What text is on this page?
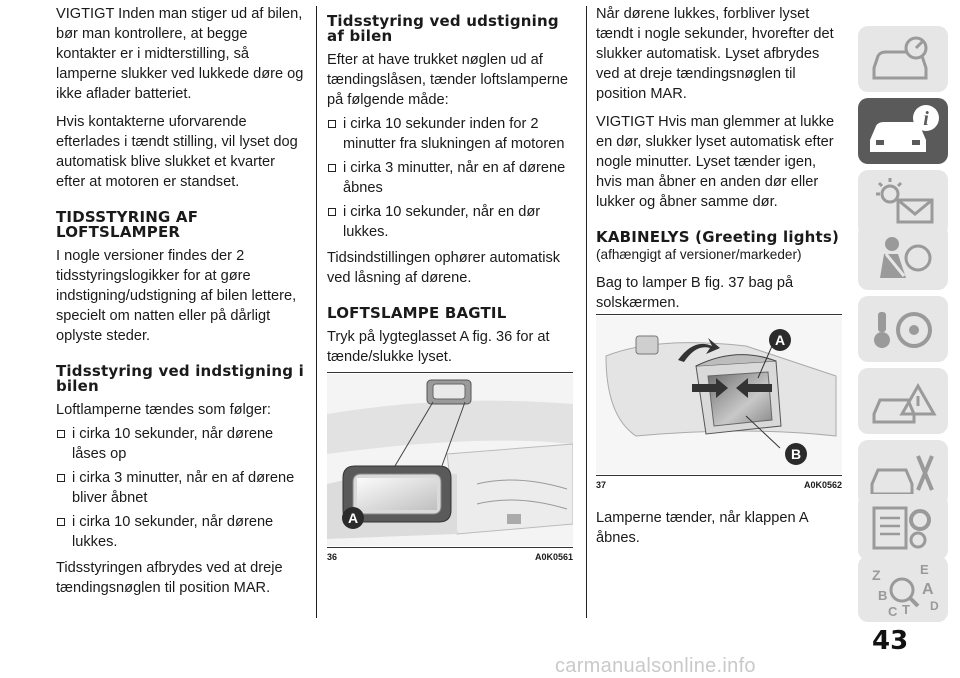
VIGTIGT Inden man stiger ud af bilen, bør man kontrollere, at begge kontakter er i midterstilling, så lamperne slukker ved lukkede døre og ikke aflader batteriet.

Hvis kontakterne uforvarende efterlades i tændt stilling, vil lyset dog automatisk blive slukket et kvarter efter at motoren er standset.

TIDSSTYRING AF LOFTSLAMPER

I nogle versioner findes der 2 tidsstyringslogikker for at gøre indstigning/udstigning af bilen lettere, specielt om natten eller på dårligt oplyste steder.

Tidsstyring ved indstigning i bilen

Loftlamperne tændes som følger:

i cirka 10 sekunder, når dørene låses op
i cirka 3 minutter, når en af dørene bliver åbnet
i cirka 10 sekunder, når dørene lukkes.

Tidsstyringen afbrydes ved at dreje tændingsnøglen til position MAR.

Tidsstyring ved udstigning af bilen

Efter at have trukket nøglen ud af tændingslåsen, tænder loftslamperne på følgende måde:

i cirka 10 sekunder inden for 2 minutter fra slukningen af motoren
i cirka 3 minutter, når en af dørene åbnes
i cirka 10 sekunder, når en dør lukkes.

Tidsindstillingen ophører automatisk ved låsning af dørene.

LOFTSLAMPE BAGTIL

Tryk på lygteglasset A fig. 36 for at tænde/slukke lyset.

A
36	A0K0561

Når dørene lukkes, forbliver lyset tændt i nogle sekunder, hvorefter det slukker automatisk. Lyset afbrydes ved at dreje tændingsnøglen til position MAR.

VIGTIGT Hvis man glemmer at lukke en dør, slukker lyset automatisk efter nogle minutter. Lyset tænder igen, hvis man åbner en anden dør eller lukker og åbner samme dør.

KABINELYS (Greeting lights)

(afhængigt af versioner/markeder)

Bag to lamper B fig. 37 bag på solskærmen.

A
B
37	A0K0562

Lamperne tænder, når klappen A åbnes.

i
Z	E
B A
C T D
43
carmanualsonline.info
